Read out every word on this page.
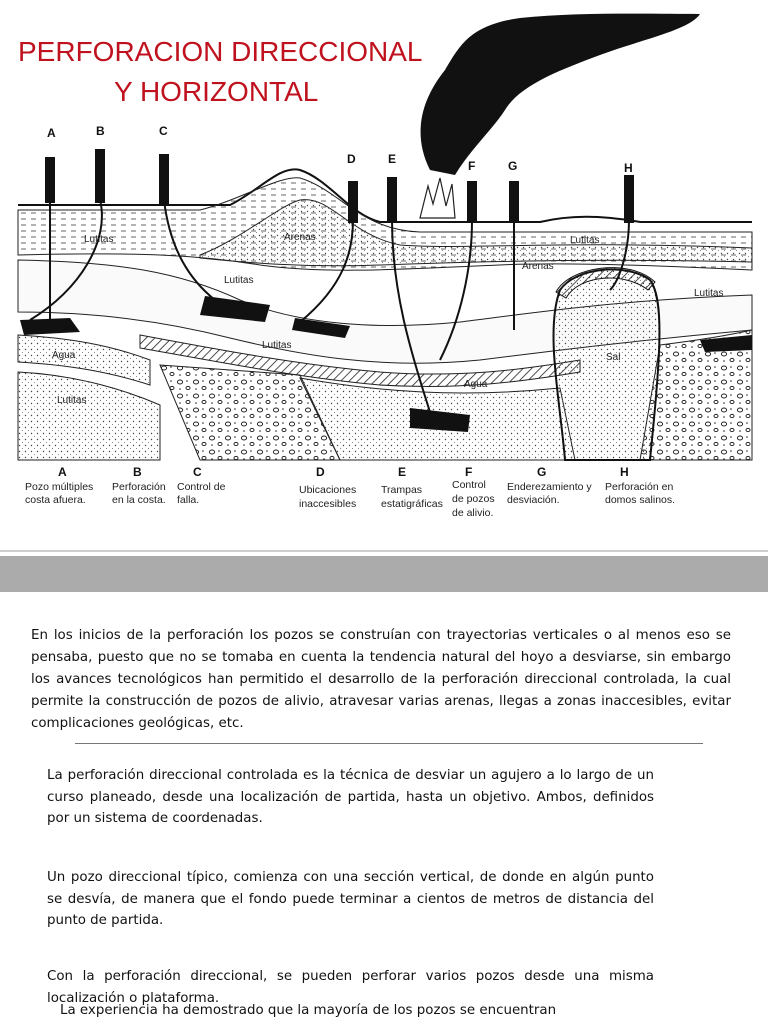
A	B	C
D	E	F	G	H
Lutitas	Arenas
Lutitas
Lutitas
Agua
Lutitas
Agua
Lutitas
Arenas
Lutitas
Sal
A	B	C	D	E	F	G	H
Pozo múltiples
costa afuera.
Perforación
en la costa.
Control de
falla.
Ubicaciones
inaccesibles
Trampas
estatigráficas
Control
de pozos
de alivio.
Enderezamiento y
desviación.
Perforación en
domos salinos.
PERFORACION DIRECCIONAL
Y HORIZONTAL
En los inicios de la perforación los pozos se construían con trayectorias verticales o al menos eso se pensaba, puesto que no se tomaba en cuenta la tendencia natural del hoyo a desviarse, sin embargo los avances tecnológicos han permitido el desarrollo de la perforación direccional controlada, la cual permite la construcción de pozos de alivio, atravesar varias arenas, llegas a zonas inaccesibles, evitar complicaciones geológicas, etc.
La perforación direccional controlada es la técnica de desviar un agujero a lo largo de un curso planeado, desde una localización de partida, hasta un objetivo. Ambos, definidos por un sistema de coordenadas.
Un pozo direccional típico, comienza con una sección vertical, de donde en algún punto se desvía, de manera que el fondo puede terminar a cientos de metros de distancia del punto de partida.
Con la perforación direccional, se pueden perforar varios pozos desde una misma localización o plataforma.
La experiencia ha demostrado que la mayoría de los pozos se encuentran
